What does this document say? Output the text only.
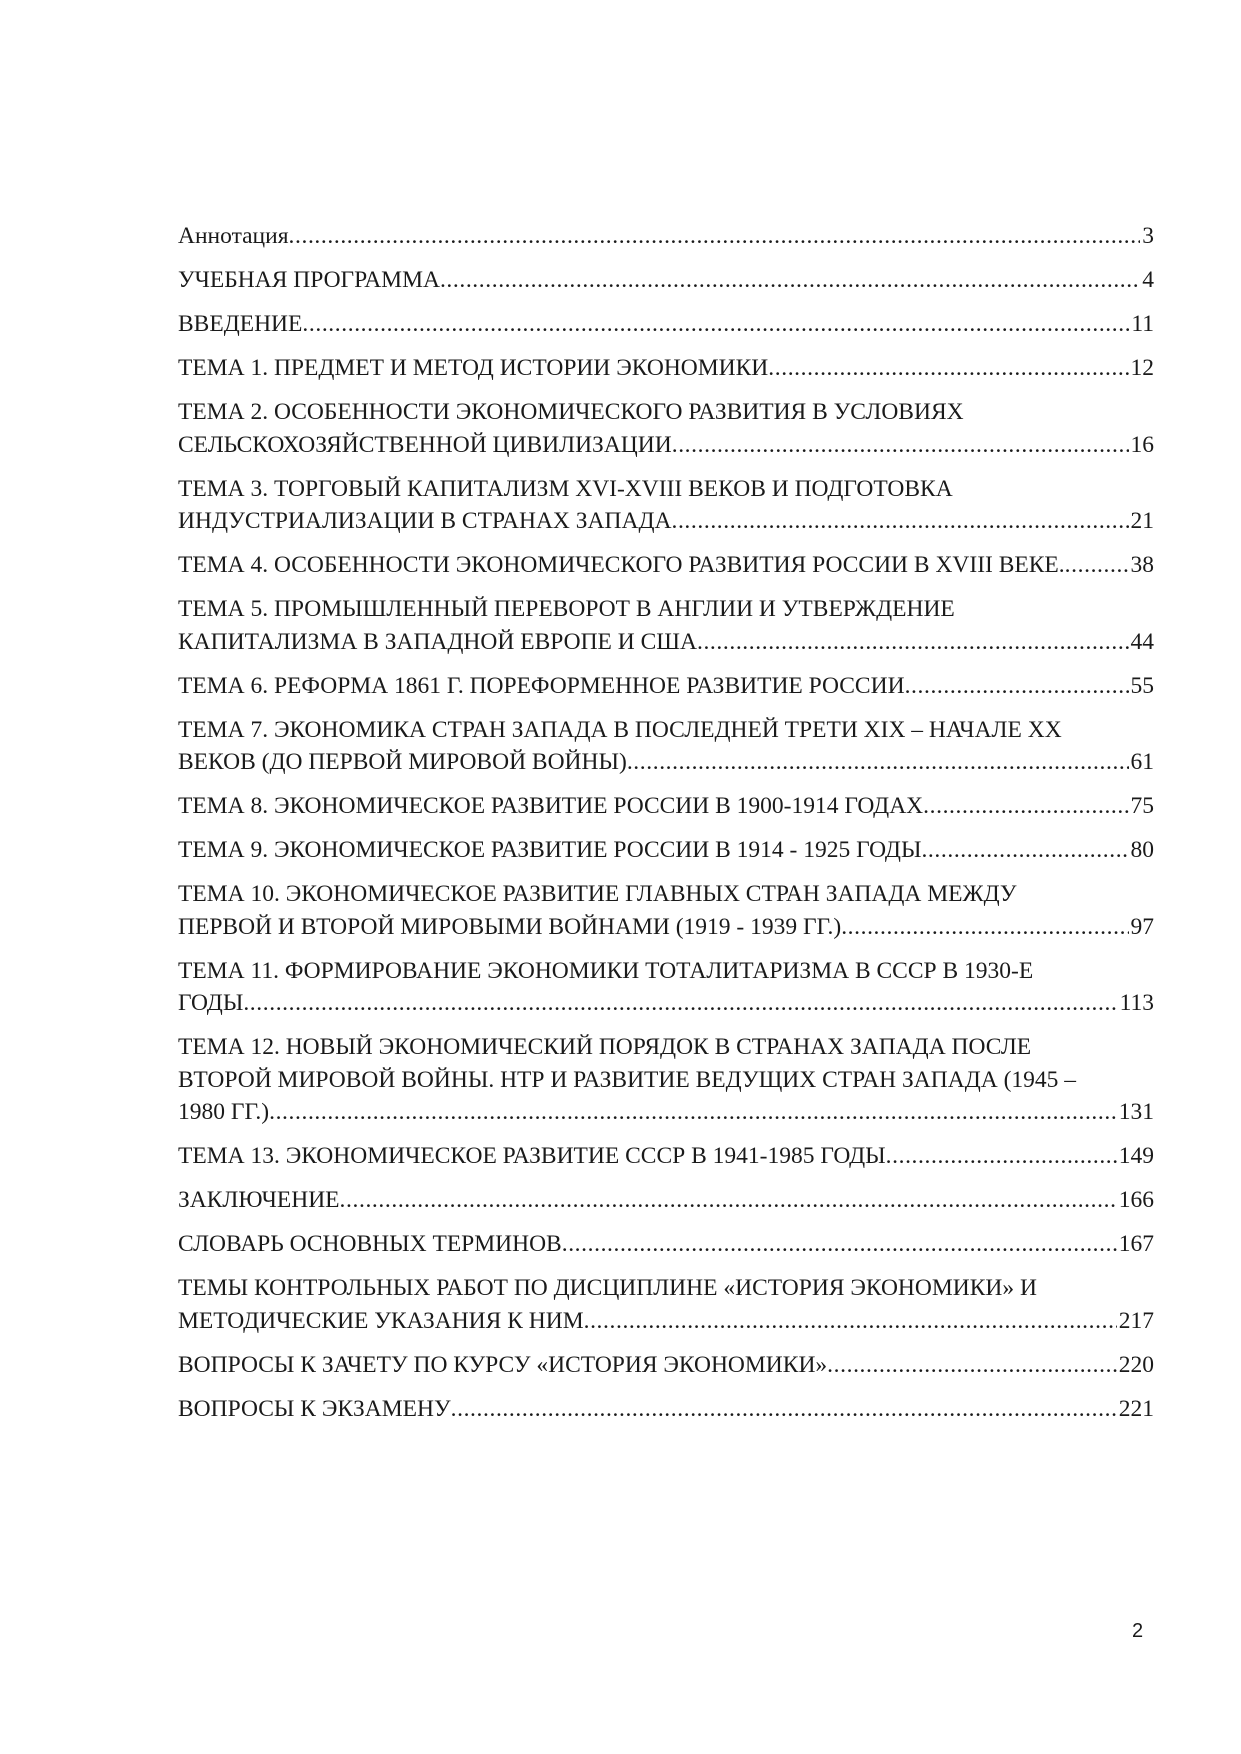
Аннотация .....	3
УЧЕБНАЯ ПРОГРАММА .....	4
ВВЕДЕНИЕ .....	11
ТЕМА 1. ПРЕДМЕТ И МЕТОД ИСТОРИИ ЭКОНОМИКИ .....	12
ТЕМА 2. ОСОБЕННОСТИ ЭКОНОМИЧЕСКОГО РАЗВИТИЯ В УСЛОВИЯХ
СЕЛЬСКОХОЗЯЙСТВЕННОЙ ЦИВИЛИЗАЦИИ .....	16
ТЕМА 3. ТОРГОВЫЙ КАПИТАЛИЗМ XVI-XVIII ВЕКОВ И ПОДГОТОВКА
ИНДУСТРИАЛИЗАЦИИ В СТРАНАХ ЗАПАДА .....	21
ТЕМА 4. ОСОБЕННОСТИ ЭКОНОМИЧЕСКОГО РАЗВИТИЯ РОССИИ В XVIII ВЕКЕ. .....	38
ТЕМА 5. ПРОМЫШЛЕННЫЙ ПЕРЕВОРОТ В АНГЛИИ И УТВЕРЖДЕНИЕ
КАПИТАЛИЗМА В ЗАПАДНОЙ ЕВРОПЕ И США .....	44
ТЕМА 6. РЕФОРМА 1861 Г. ПОРЕФОРМЕННОЕ РАЗВИТИЕ РОССИИ .....	55
ТЕМА 7. ЭКОНОМИКА СТРАН ЗАПАДА В ПОСЛЕДНЕЙ ТРЕТИ XIX – НАЧАЛЕ XX
ВЕКОВ (ДО ПЕРВОЙ МИРОВОЙ ВОЙНЫ) .....	61
ТЕМА 8. ЭКОНОМИЧЕСКОЕ РАЗВИТИЕ РОССИИ В 1900-1914 ГОДАХ .....	75
ТЕМА 9. ЭКОНОМИЧЕСКОЕ РАЗВИТИЕ РОССИИ В 1914 - 1925 ГОДЫ .....	80
ТЕМА 10. ЭКОНОМИЧЕСКОЕ РАЗВИТИЕ ГЛАВНЫХ СТРАН ЗАПАДА МЕЖДУ
ПЕРВОЙ И ВТОРОЙ МИРОВЫМИ ВОЙНАМИ (1919 - 1939 ГГ.) .....	97
ТЕМА 11. ФОРМИРОВАНИЕ ЭКОНОМИКИ ТОТАЛИТАРИЗМА В СССР В 1930-Е
ГОДЫ .....	113
ТЕМА 12. НОВЫЙ ЭКОНОМИЧЕСКИЙ ПОРЯДОК В СТРАНАХ ЗАПАДА ПОСЛЕ
ВТОРОЙ МИРОВОЙ ВОЙНЫ. НТР И РАЗВИТИЕ ВЕДУЩИХ СТРАН ЗАПАДА (1945 –
1980 ГГ.) .....	131
ТЕМА 13. ЭКОНОМИЧЕСКОЕ РАЗВИТИЕ СССР В 1941-1985 ГОДЫ .....	149
ЗАКЛЮЧЕНИЕ .....	166
СЛОВАРЬ ОСНОВНЫХ ТЕРМИНОВ .....	167
ТЕМЫ КОНТРОЛЬНЫХ РАБОТ ПО ДИСЦИПЛИНЕ «ИСТОРИЯ ЭКОНОМИКИ» И
МЕТОДИЧЕСКИЕ УКАЗАНИЯ К НИМ .....	217
ВОПРОСЫ К ЗАЧЕТУ ПО КУРСУ «ИСТОРИЯ ЭКОНОМИКИ» .....	220
ВОПРОСЫ К ЭКЗАМЕНУ .....	221
2
